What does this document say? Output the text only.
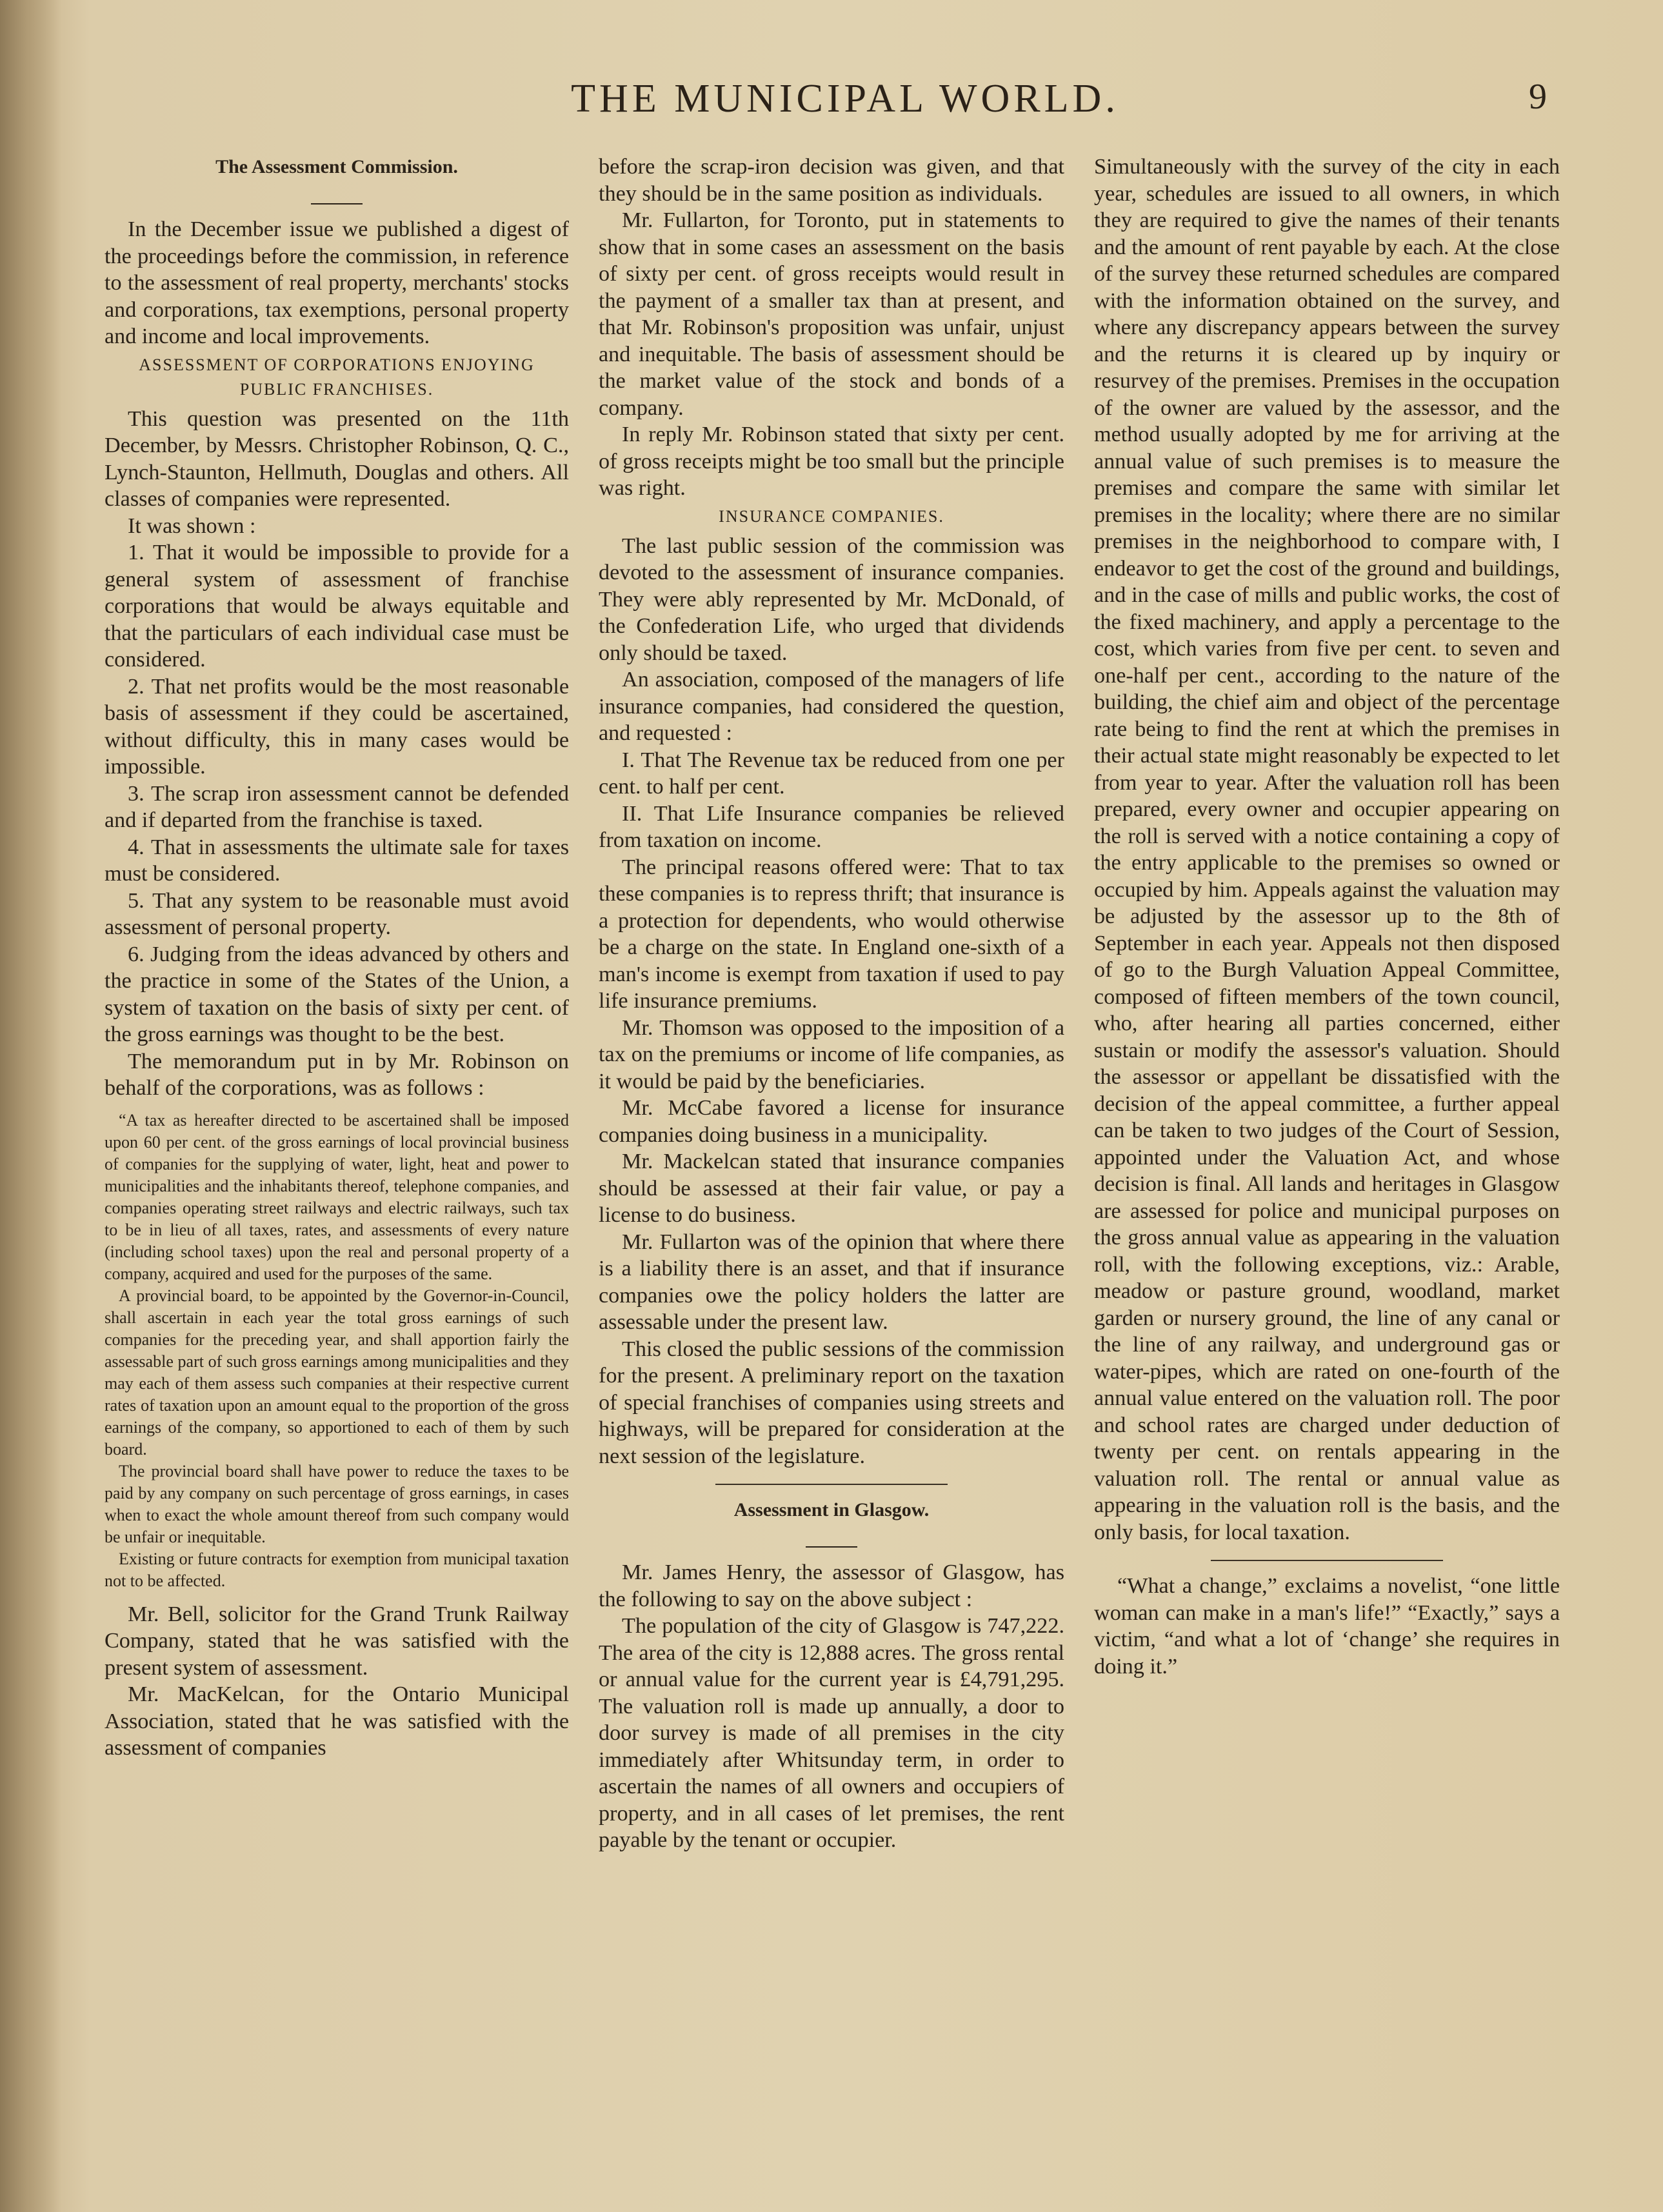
THE MUNICIPAL WORLD.	9
The Assessment Commission.

In the December issue we published a digest of the proceedings before the commission, in reference to the assessment of real property, merchants' stocks and corporations, tax exemptions, personal property and income and local improvements.

ASSESSMENT OF CORPORATIONS ENJOYING PUBLIC FRANCHISES.

This question was presented on the 11th December, by Messrs. Christopher Robinson, Q. C., Lynch-Staunton, Hellmuth, Douglas and others. All classes of companies were represented.

It was shown :

1. That it would be impossible to provide for a general system of assessment of franchise corporations that would be always equitable and that the particulars of each individual case must be considered.

2. That net profits would be the most reasonable basis of assessment if they could be ascertained, without difficulty, this in many cases would be impossible.

3. The scrap iron assessment cannot be defended and if departed from the franchise is taxed.

4. That in assessments the ultimate sale for taxes must be considered.

5. That any system to be reasonable must avoid assessment of personal property.

6. Judging from the ideas advanced by others and the practice in some of the States of the Union, a system of taxation on the basis of sixty per cent. of the gross earnings was thought to be the best.

The memorandum put in by Mr. Robinson on behalf of the corporations, was as follows :

“A tax as hereafter directed to be ascertained shall be imposed upon 60 per cent. of the gross earnings of local provincial business of companies for the supplying of water, light, heat and power to municipalities and the inhabitants thereof, telephone companies, and companies operating street railways and electric railways, such tax to be in lieu of all taxes, rates, and assessments of every nature (including school taxes) upon the real and personal property of a company, acquired and used for the purposes of the same.

A provincial board, to be appointed by the Governor-in-Council, shall ascertain in each year the total gross earnings of such companies for the preceding year, and shall apportion fairly the assessable part of such gross earnings among municipalities and they may each of them assess such companies at their respective current rates of taxation upon an amount equal to the proportion of the gross earnings of the company, so apportioned to each of them by such board.

The provincial board shall have power to reduce the taxes to be paid by any company on such percentage of gross earnings, in cases when to exact the whole amount thereof from such company would be unfair or inequitable.

Existing or future contracts for exemption from municipal taxation not to be affected.

Mr. Bell, solicitor for the Grand Trunk Railway Company, stated that he was satisfied with the present system of assessment.

Mr. MacKelcan, for the Ontario Municipal Association, stated that he was satisfied with the assessment of companies

before the scrap-iron decision was given, and that they should be in the same position as individuals.

Mr. Fullarton, for Toronto, put in statements to show that in some cases an assessment on the basis of sixty per cent. of gross receipts would result in the payment of a smaller tax than at present, and that Mr. Robinson's proposition was unfair, unjust and inequitable. The basis of assessment should be the market value of the stock and bonds of a company.

In reply Mr. Robinson stated that sixty per cent. of gross receipts might be too small but the principle was right.

INSURANCE COMPANIES.

The last public session of the commission was devoted to the assessment of insurance companies. They were ably represented by Mr. McDonald, of the Confederation Life, who urged that dividends only should be taxed.

An association, composed of the managers of life insurance companies, had considered the question, and requested :

I. That The Revenue tax be reduced from one per cent. to half per cent.

II. That Life Insurance companies be relieved from taxation on income.

The principal reasons offered were: That to tax these companies is to repress thrift; that insurance is a protection for dependents, who would otherwise be a charge on the state. In England one-sixth of a man's income is exempt from taxation if used to pay life insurance premiums.

Mr. Thomson was opposed to the imposition of a tax on the premiums or income of life companies, as it would be paid by the beneficiaries.

Mr. McCabe favored a license for insurance companies doing business in a municipality.

Mr. Mackelcan stated that insurance companies should be assessed at their fair value, or pay a license to do business.

Mr. Fullarton was of the opinion that where there is a liability there is an asset, and that if insurance companies owe the policy holders the latter are assessable under the present law.

This closed the public sessions of the commission for the present. A preliminary report on the taxation of special franchises of companies using streets and highways, will be prepared for consideration at the next session of the legislature.

Assessment in Glasgow.

Mr. James Henry, the assessor of Glasgow, has the following to say on the above subject :

The population of the city of Glasgow is 747,222. The area of the city is 12,888 acres. The gross rental or annual value for the current year is £4,791,295. The valuation roll is made up annually, a door to door survey is made of all premises in the city immediately after Whitsunday term, in order to ascertain the names of all owners and occupiers of property, and in all cases of let premises, the rent payable by the tenant or occupier.

Simultaneously with the survey of the city in each year, schedules are issued to all owners, in which they are required to give the names of their tenants and the amount of rent payable by each. At the close of the survey these returned schedules are compared with the information obtained on the survey, and where any discrepancy appears between the survey and the returns it is cleared up by inquiry or resurvey of the premises. Premises in the occupation of the owner are valued by the assessor, and the method usually adopted by me for arriving at the annual value of such premises is to measure the premises and compare the same with similar let premises in the locality; where there are no similar premises in the neighborhood to compare with, I endeavor to get the cost of the ground and buildings, and in the case of mills and public works, the cost of the fixed machinery, and apply a percentage to the cost, which varies from five per cent. to seven and one-half per cent., according to the nature of the building, the chief aim and object of the percentage rate being to find the rent at which the premises in their actual state might reasonably be expected to let from year to year. After the valuation roll has been prepared, every owner and occupier appearing on the roll is served with a notice containing a copy of the entry applicable to the premises so owned or occupied by him. Appeals against the valuation may be adjusted by the assessor up to the 8th of September in each year. Appeals not then disposed of go to the Burgh Valuation Appeal Committee, composed of fifteen members of the town council, who, after hearing all parties concerned, either sustain or modify the assessor's valuation. Should the assessor or appellant be dissatisfied with the decision of the appeal committee, a further appeal can be taken to two judges of the Court of Session, appointed under the Valuation Act, and whose decision is final. All lands and heritages in Glasgow are assessed for police and municipal purposes on the gross annual value as appearing in the valuation roll, with the following exceptions, viz.: Arable, meadow or pasture ground, woodland, market garden or nursery ground, the line of any canal or the line of any railway, and underground gas or water-pipes, which are rated on one-fourth of the annual value entered on the valuation roll. The poor and school rates are charged under deduction of twenty per cent. on rentals appearing in the valuation roll. The rental or annual value as appearing in the valuation roll is the basis, and the only basis, for local taxation.

“What a change,” exclaims a novelist, “one little woman can make in a man's life!” “Exactly,” says a victim, “and what a lot of ‘change’ she requires in doing it.”
